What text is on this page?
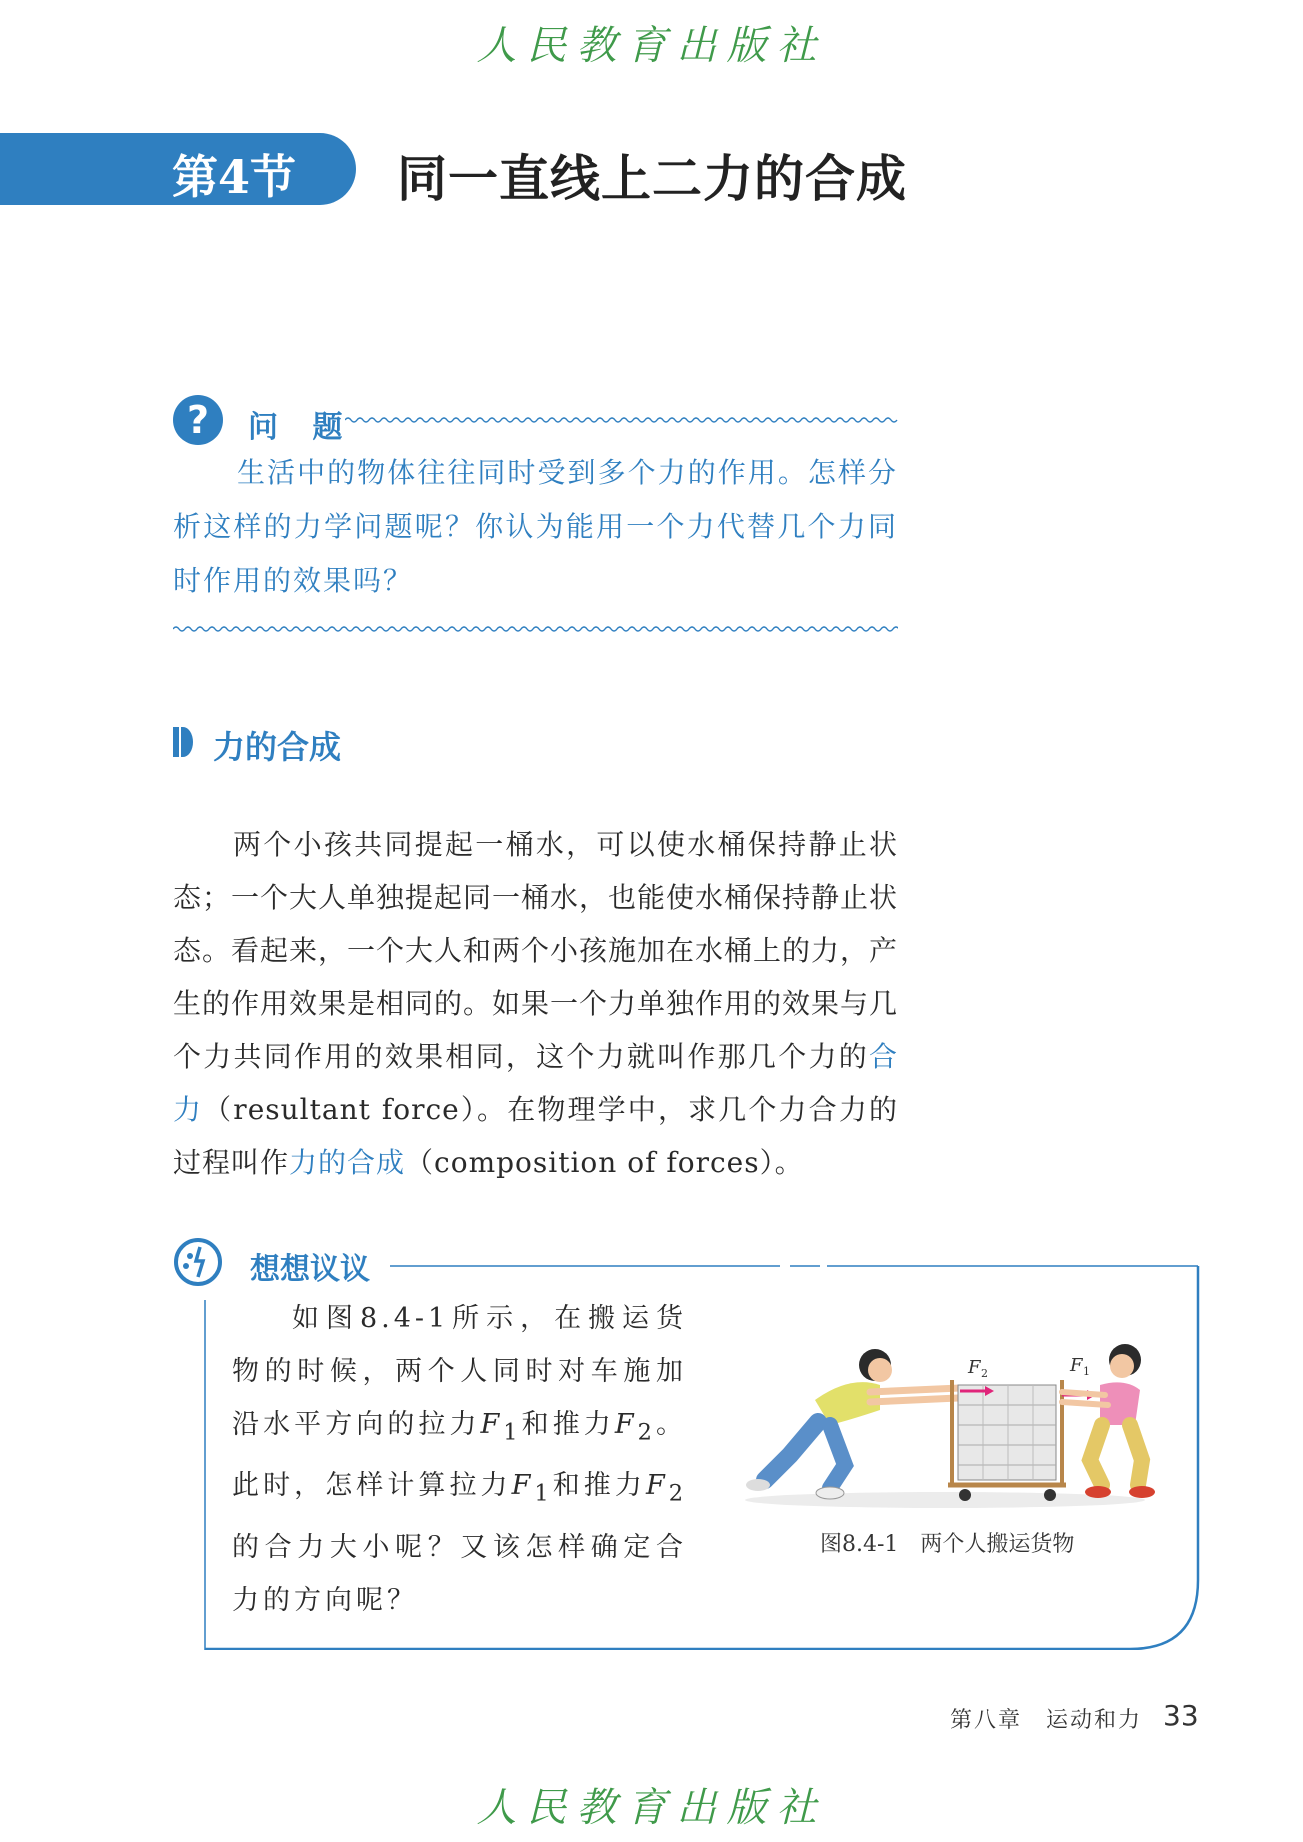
人民教育出版社
第4节 同一直线上二力的合成
?	问 题
生活中的物体往往同时受到多个力的作用。怎样分析这样的力学问题呢？你认为能用一个力代替几个力同时作用的效果吗？
力的合成
两个小孩共同提起一桶水，可以使水桶保持静止状态；一个大人单独提起同一桶水，也能使水桶保持静止状态。看起来，一个大人和两个小孩施加在水桶上的力，产生的作用效果是相同的。如果一个力单独作用的效果与几个力共同作用的效果相同，这个力就叫作那几个力的合力（resultant force）。在物理学中，求几个力合力的过程叫作力的合成（composition of forces）。
想想议议
如图8.4-1所示，在搬运货物的时候，两个人同时对车施加沿水平方向的拉力$F_1$和推力$F_2$。此时，怎样计算拉力$F_1$和推力$F_2$的合力大小呢？又该怎样确定合力的方向呢？
F 2	F 1
图8.4-1　两个人搬运货物
第八章　运动和力 33
人民教育出版社
